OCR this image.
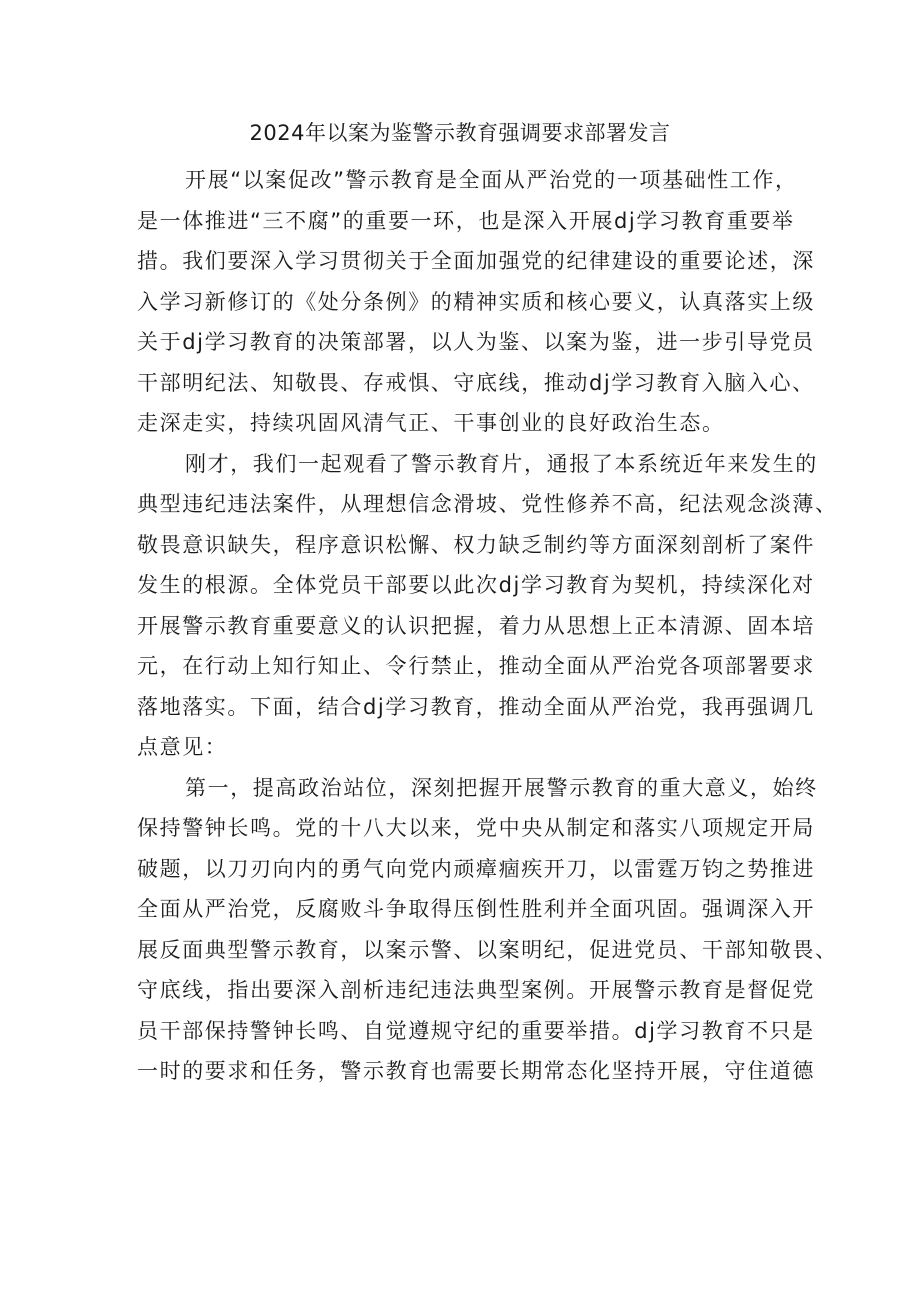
2024年以案为鉴警示教育强调要求部署发言
开展“以案促改”警示教育是全面从严治党的一项基础性工作，
是一体推进“三不腐”的重要一环，也是深入开展dj学习教育重要举
措。我们要深入学习贯彻关于全面加强党的纪律建设的重要论述，深
入学习新修订的《处分条例》的精神实质和核心要义，认真落实上级
关于dj学习教育的决策部署，以人为鉴、以案为鉴，进一步引导党员
干部明纪法、知敬畏、存戒惧、守底线，推动dj学习教育入脑入心、
走深走实，持续巩固风清气正、干事创业的良好政治生态。
刚才，我们一起观看了警示教育片，通报了本系统近年来发生的
典型违纪违法案件，从理想信念滑坡、党性修养不高，纪法观念淡薄、
敬畏意识缺失，程序意识松懈、权力缺乏制约等方面深刻剖析了案件
发生的根源。全体党员干部要以此次dj学习教育为契机，持续深化对
开展警示教育重要意义的认识把握，着力从思想上正本清源、固本培
元，在行动上知行知止、令行禁止，推动全面从严治党各项部署要求
落地落实。下面，结合dj学习教育，推动全面从严治党，我再强调几
点意见：
第一，提高政治站位，深刻把握开展警示教育的重大意义，始终
保持警钟长鸣。党的十八大以来，党中央从制定和落实八项规定开局
破题，以刀刃向内的勇气向党内顽瘴痼疾开刀，以雷霆万钧之势推进
全面从严治党，反腐败斗争取得压倒性胜利并全面巩固。强调深入开
展反面典型警示教育，以案示警、以案明纪，促进党员、干部知敬畏、
守底线，指出要深入剖析违纪违法典型案例。开展警示教育是督促党
员干部保持警钟长鸣、自觉遵规守纪的重要举措。dj学习教育不只是
一时的要求和任务，警示教育也需要长期常态化坚持开展，守住道德
